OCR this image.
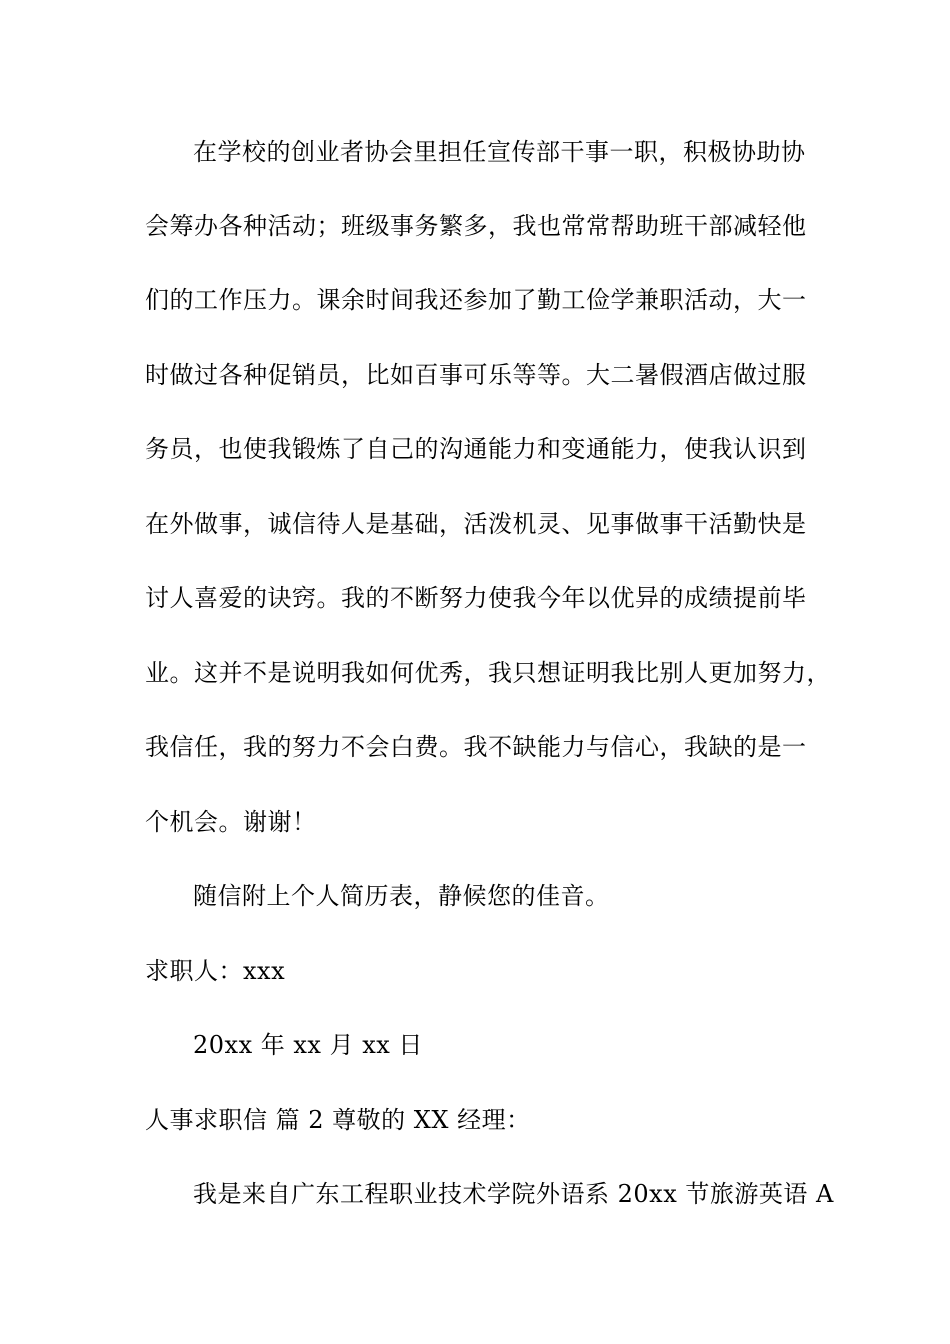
在学校的创业者协会里担任宣传部干事一职，积极协助协
会筹办各种活动；班级事务繁多，我也常常帮助班干部减轻他
们的工作压力。课余时间我还参加了勤工俭学兼职活动，大一
时做过各种促销员，比如百事可乐等等。大二暑假酒店做过服
务员，也使我锻炼了自己的沟通能力和变通能力，使我认识到
在外做事，诚信待人是基础，活泼机灵、见事做事干活勤快是
讨人喜爱的诀窍。我的不断努力使我今年以优异的成绩提前毕
业。这并不是说明我如何优秀，我只想证明我比别人更加努力，
我信任，我的努力不会白费。我不缺能力与信心，我缺的是一
个机会。谢谢！
随信附上个人简历表，静候您的佳音。
求职人：xxx
20xx 年 xx 月 xx 日
人事求职信 篇 2 尊敬的 XX 经理：
我是来自广东工程职业技术学院外语系 20xx 节旅游英语 A
